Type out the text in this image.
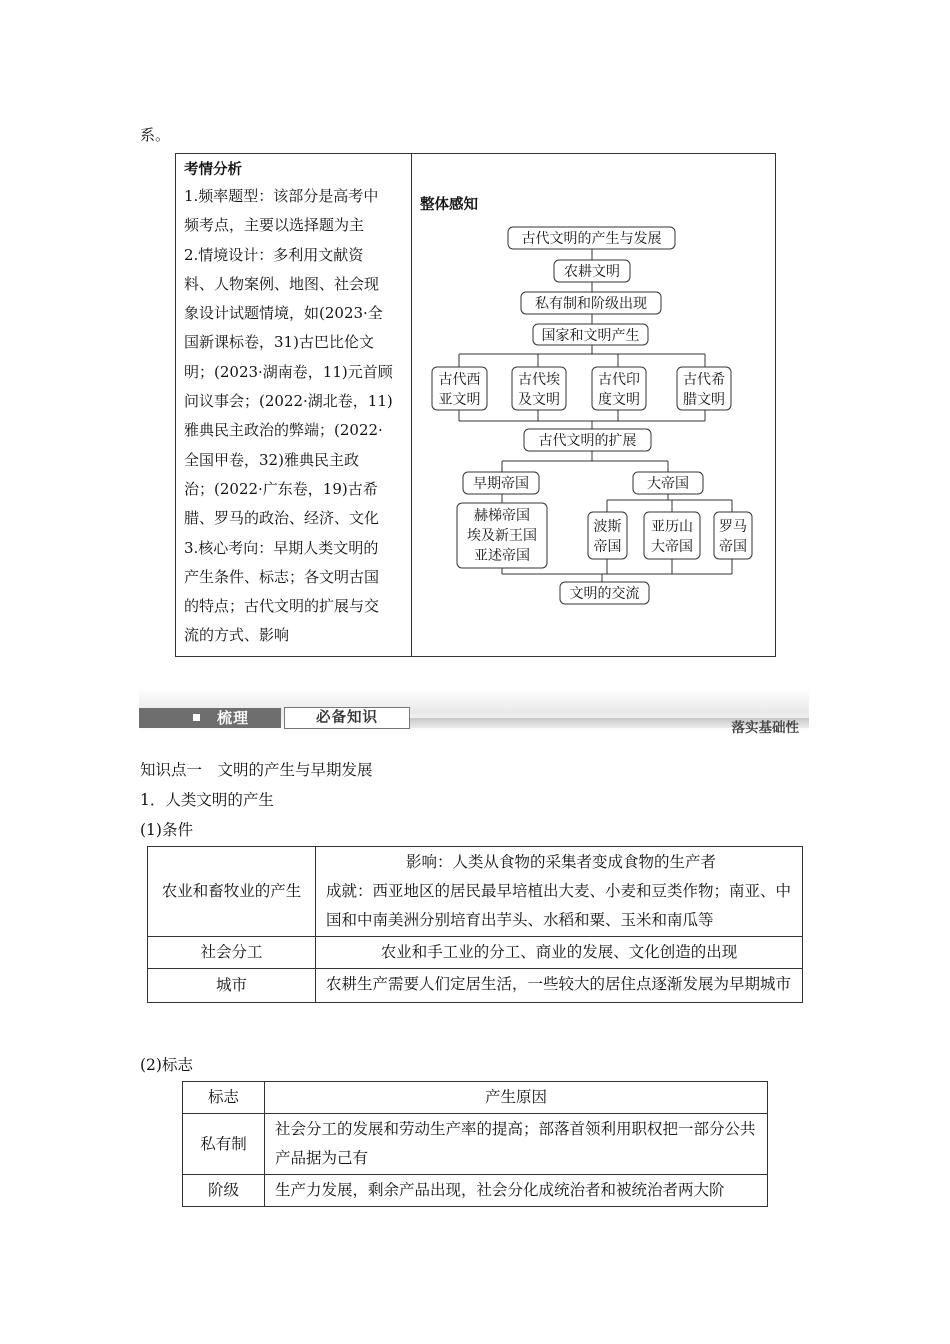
系。
考情分析
1.频率题型：该部分是高考中
频考点，主要以选择题为主
2.情境设计：多利用文献资
料、人物案例、地图、社会现
象设计试题情境，如(2023·全
国新课标卷，31)古巴比伦文
明；(2023·湖南卷，11)元首顾
问议事会；(2022·湖北卷，11)
雅典民主政治的弊端；(2022·
全国甲卷，32)雅典民主政
治；(2022·广东卷，19)古希
腊、罗马的政治、经济、文化
3.核心考向：早期人类文明的
产生条件、标志；各文明古国
的特点；古代文明的扩展与交
流的方式、影响

整体感知
古代文明的产生与发展
农耕文明
私有制和阶级出现
国家和文明产生
古代西
亚文明
古代埃
及文明
古代印
度文明
古代希
腊文明
古代文明的扩展
早期帝国	大帝国
赫梯帝国
埃及新王国
亚述帝国
波斯
帝国
亚历山
大帝国
罗马
帝国
文明的交流
梳理	必备知识
落实基础性
知识点一　文明的产生与早期发展
1．人类文明的产生
(1)条件
农业和畜牧业的产生	影响：人类从食物的采集者变成食物的生产者
成就：西亚地区的居民最早培植出大麦、小麦和豆类作物；南亚、中国和中南美洲分别培育出芋头、水稻和粟、玉米和南瓜等

社会分工	农业和手工业的分工、商业的发展、文化创造的出现
城市	农耕生产需要人们定居生活，一些较大的居住点逐渐发展为早期城市
(2)标志
标志	产生原因
私有制	社会分工的发展和劳动生产率的提高；部落首领利用职权把一部分公共产品据为己有
阶级	生产力发展，剩余产品出现，社会分化成统治者和被统治者两大阶
